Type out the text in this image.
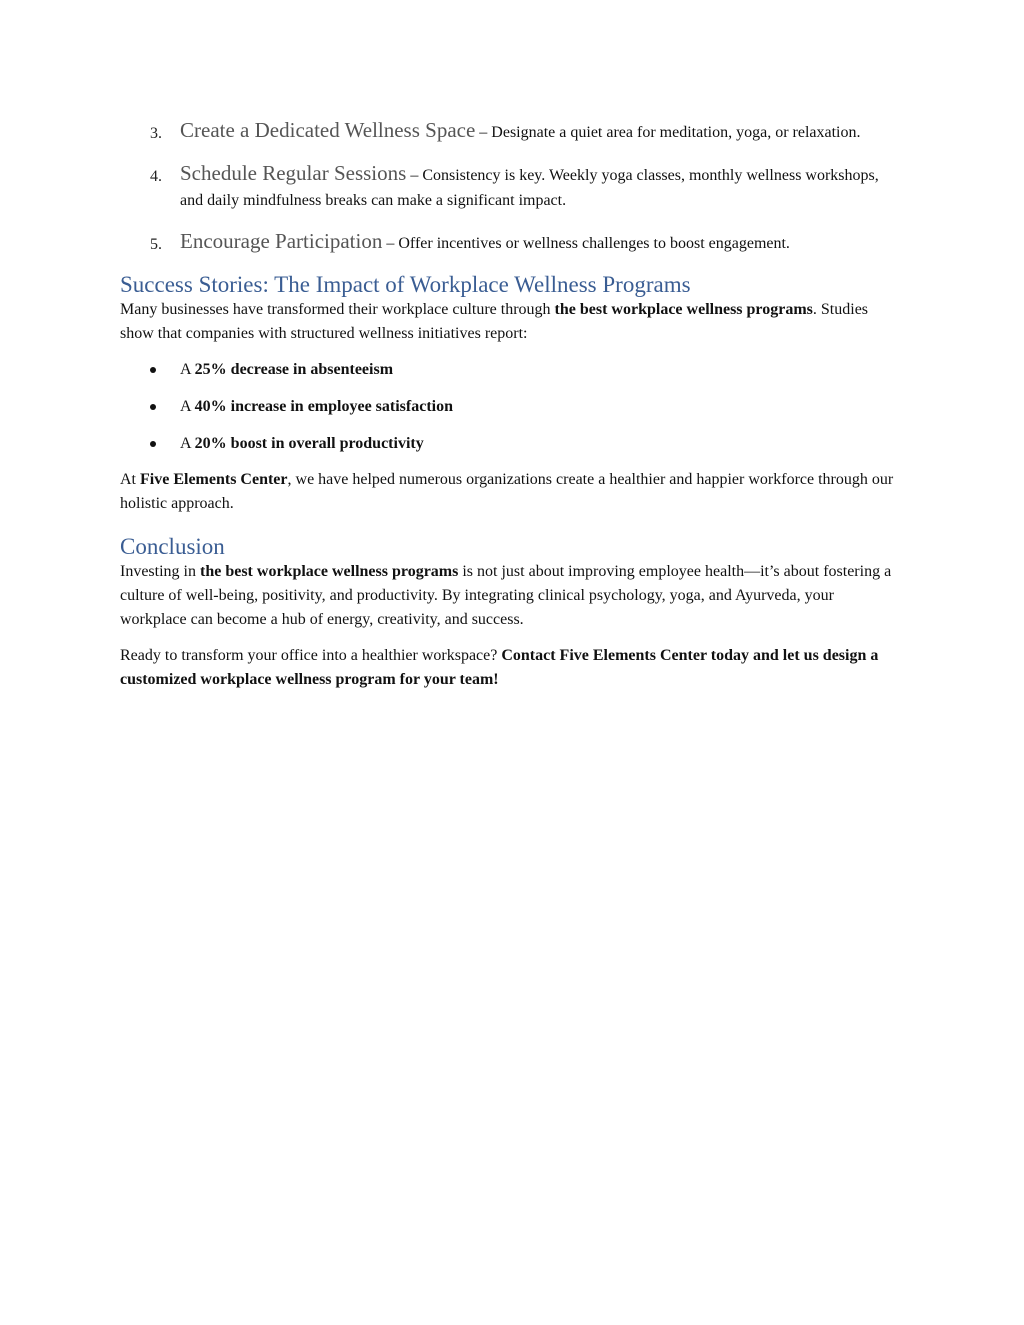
3. Create a Dedicated Wellness Space – Designate a quiet area for meditation, yoga, or relaxation.
4. Schedule Regular Sessions – Consistency is key. Weekly yoga classes, monthly wellness workshops, and daily mindfulness breaks can make a significant impact.
5. Encourage Participation – Offer incentives or wellness challenges to boost engagement.
Success Stories: The Impact of Workplace Wellness Programs

Many businesses have transformed their workplace culture through the best workplace wellness programs. Studies show that companies with structured wellness initiatives report:

A 25% decrease in absenteeism
A 40% increase in employee satisfaction
A 20% boost in overall productivity

At Five Elements Center, we have helped numerous organizations create a healthier and happier workforce through our holistic approach.

Conclusion

Investing in the best workplace wellness programs is not just about improving employee health—it’s about fostering a culture of well-being, positivity, and productivity. By integrating clinical psychology, yoga, and Ayurveda, your workplace can become a hub of energy, creativity, and success.

Ready to transform your office into a healthier workspace? Contact Five Elements Center today and let us design a customized workplace wellness program for your team!
